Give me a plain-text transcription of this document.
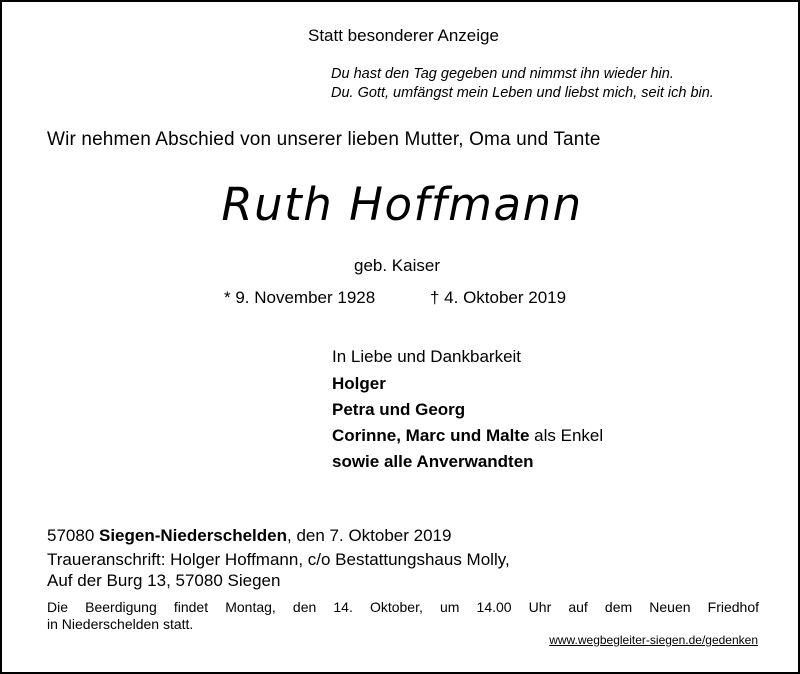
Statt besonderer Anzeige
Du hast den Tag gegeben und nimmst ihn wieder hin.
Du. Gott, umfängst mein Leben und liebst mich, seit ich bin.
Wir nehmen Abschied von unserer lieben Mutter, Oma und Tante
Ruth Hoffmann
geb. Kaiser
* 9. November 1928	† 4. Oktober 2019
In Liebe und Dankbarkeit
Holger
Petra und Georg
Corinne, Marc und Malte als Enkel
sowie alle Anverwandten
57080 Siegen-Niederschelden, den 7. Oktober 2019
Traueranschrift: Holger Hoffmann, c/o Bestattungshaus Molly,
Auf der Burg 13, 57080 Siegen
Die Beerdigung findet Montag, den 14. Oktober, um 14.00 Uhr auf dem Neuen Friedhof
in Niederschelden statt.
www.wegbegleiter-siegen.de/gedenken
